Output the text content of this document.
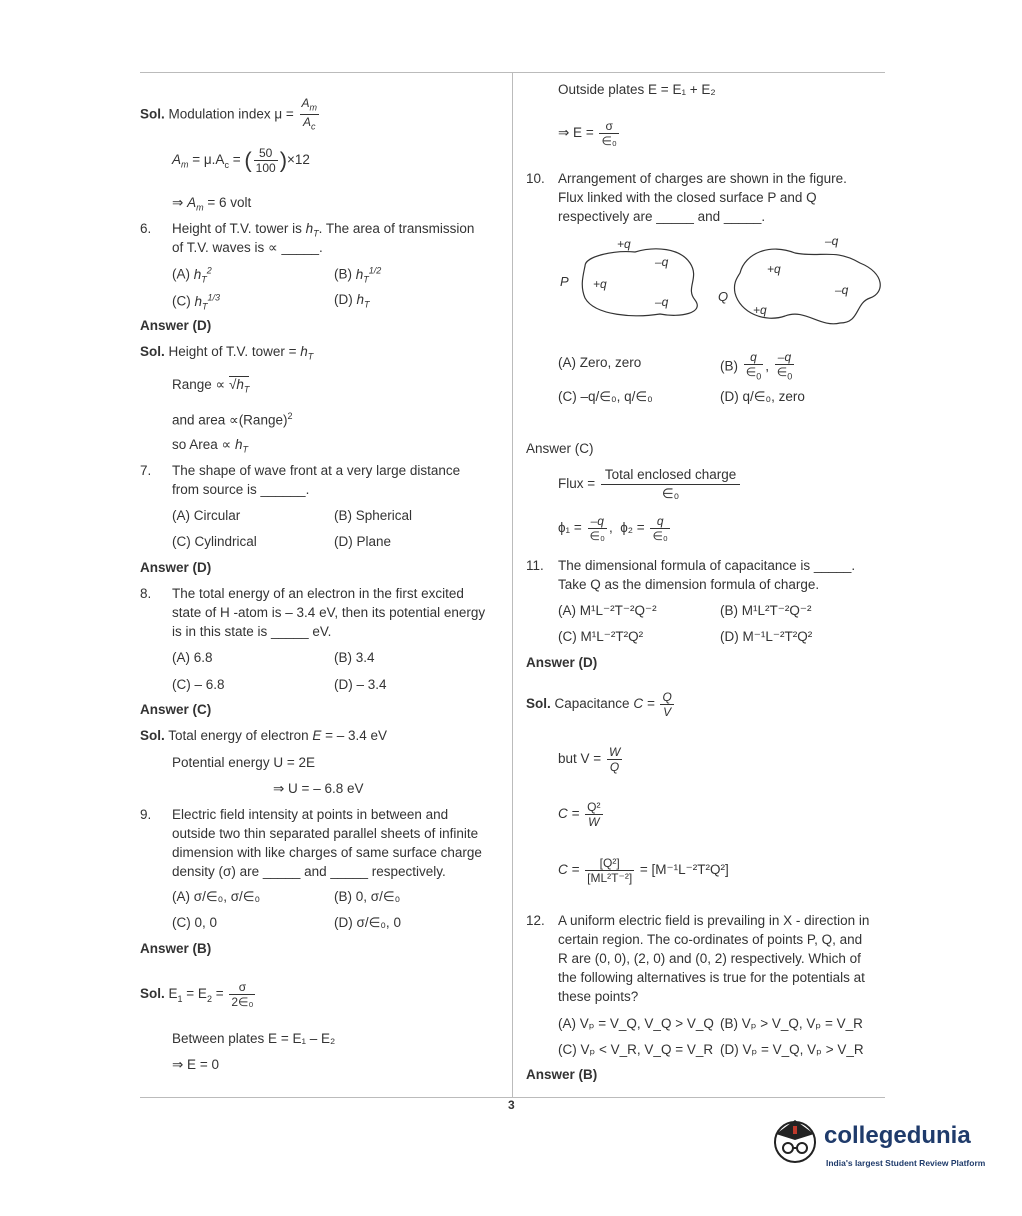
Sol. Modulation index $\mu = \frac{A_m}{A_c}$
$A_m = \mu.A_c$ = ( $\frac{50}{100} )\times 12$
⇒ $A_m = 6$ volt
6. Height of T.V. tower is $h_T$. The area of transmission
of T.V. waves is ∝ _____.
(A) $h_T^2$	(B) $h_T^{1/2}$
(C) $h_T^{1/3}$	(D) $h_T$
Answer (D)
Sol. Height of T.V. tower = $h_T$
Range ∝ $√h_T$
and area ∝(Range)$^2$
so Area ∝ $h_T$
7. The shape of wave front at a very large distance
from source is ______.
(A) Circular	(B) Spherical
(C) Cylindrical	(D) Plane
Answer (D)
8. The total energy of an electron in the first excited
state of H -atom is – 3.4 eV, then its potential energy
is in this state is _____ eV.
(A) 6.8	(B) 3.4
(C) – 6.8	(D) – 3.4
Answer (C)
Sol. Total energy of electron E = – 3.4 eV
Potential energy U = 2E
⇒ U = – 6.8 eV
9. Electric field intensity at points in between and
outside two thin separated parallel sheets of infinite
dimension with like charges of same surface charge
density (σ) are _____ and _____ respectively.
(A) σ/∈₀, σ/∈₀	(B) 0, σ/∈₀
(C) 0, 0	(D) σ/∈₀, 0
Answer (B)
Sol. $E_1 = E_2 = \frac{\sigma}{\text{2∈₀}}$
Between plates E = E₁ – E₂
⇒ E = 0
Outside plates E = E₁ + E₂
⇒ $E = \frac{\sigma}{\text{∈₀}}$
10. Arrangement of charges are shown in the figure.
Flux linked with the closed surface P and Q
respectively are _____ and _____.
+q
–q
P +q
–q
–q
+q
–q
Q
+q
(A) Zero, zero	$(B) \frac{q}{\in_0}$ , $\frac{-q}{\in_0}$
(C) –q/∈₀, q/∈₀	(D) q/∈₀, zero
Answer (C)
Flux = $\frac{\text{Total enclosed charge}}{\text{∈₀}}$
$\phi_1 = \frac{-q}{\text{∈₀}}$ ,  $\phi_2 = \frac{q}{\text{∈₀}}$
11. The dimensional formula of capacitance is _____.
Take Q as the dimension formula of charge.
(A) M¹L⁻²T⁻²Q⁻²	(B) M¹L²T⁻²Q⁻²
(C) M¹L⁻²T²Q²	(D) M⁻¹L⁻²T²Q²
Answer (D)
Sol. Capacitance $C = \frac{Q}{V}$
but $V = \frac{W}{Q}$
$C = \frac{\text{Q²}}{W}$
$C = \frac{\text{[Q²]}}{\text{[ML²T⁻²]}} = [M^{-1}L^{-2}T^2Q^2]$
12. A uniform electric field is prevailing in X - direction in
certain region. The co-ordinates of points P, Q, and
R are (0, 0), (2, 0) and (0, 2) respectively. Which of
the following alternatives is true for the potentials at
these points?
(A) Vₚ = V_Q, V_Q > V_Q (B) Vₚ > V_Q, Vₚ = V_R
(C) Vₚ < V_R, V_Q = V_R (D) Vₚ = V_Q, Vₚ > V_R
Answer (B)
3
collegedunia
India's largest Student Review Platform
